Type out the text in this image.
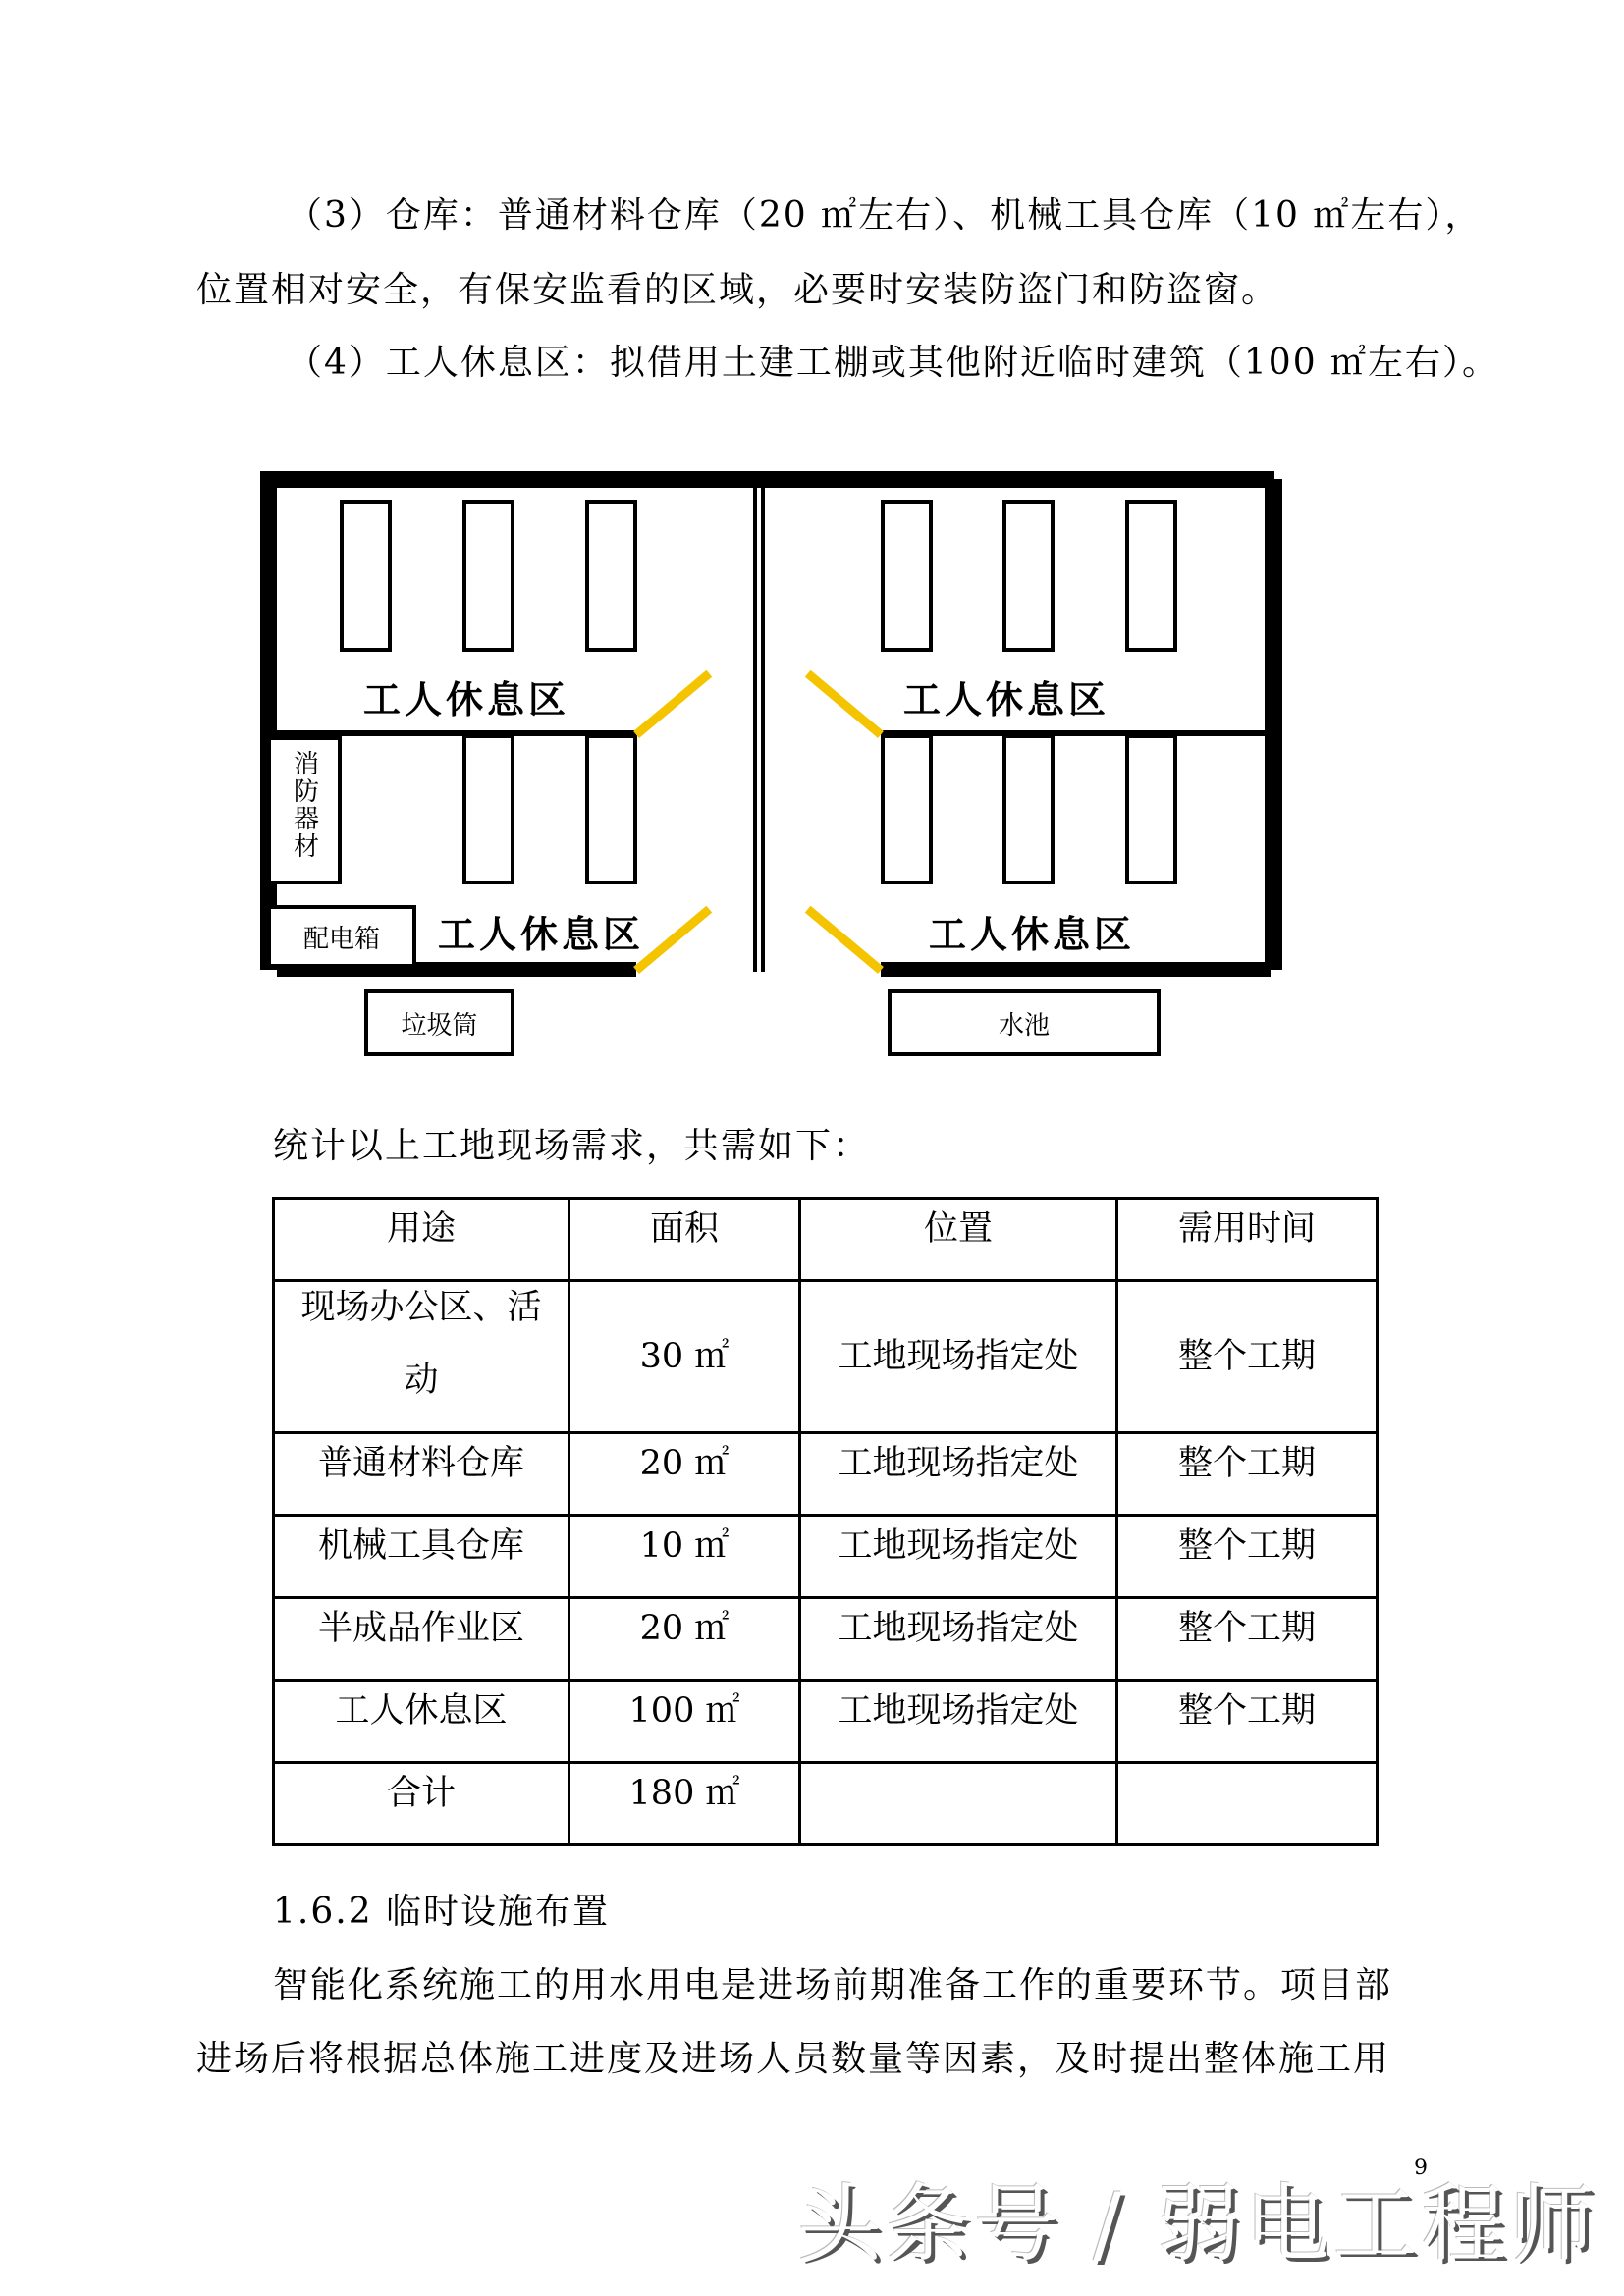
（3）仓库：普通材料仓库（20 ㎡左右）、机械工具仓库（10 ㎡左右），
位置相对安全，有保安监看的区域，必要时安装防盗门和防盗窗。
（4）工人休息区：拟借用土建工棚或其他附近临时建筑（100 ㎡左右）。
工人休息区	工人休息区
工人休息区	工人休息区
消防器材
配电箱
垃圾筒	水池
统计以上工地现场需求，共需如下：
用途	面积	位置	需用时间

现场办公区、活
动	30 ㎡	工地现场指定处	整个工期
普通材料仓库	20 ㎡	工地现场指定处	整个工期
机械工具仓库	10 ㎡	工地现场指定处	整个工期
半成品作业区	20 ㎡	工地现场指定处	整个工期
工人休息区	100 ㎡	工地现场指定处	整个工期
合计	180 ㎡		
1.6.2 临时设施布置
智能化系统施工的用水用电是进场前期准备工作的重要环节。项目部
进场后将根据总体施工进度及进场人员数量等因素，及时提出整体施工用
9
头条号 / 弱电工程师
